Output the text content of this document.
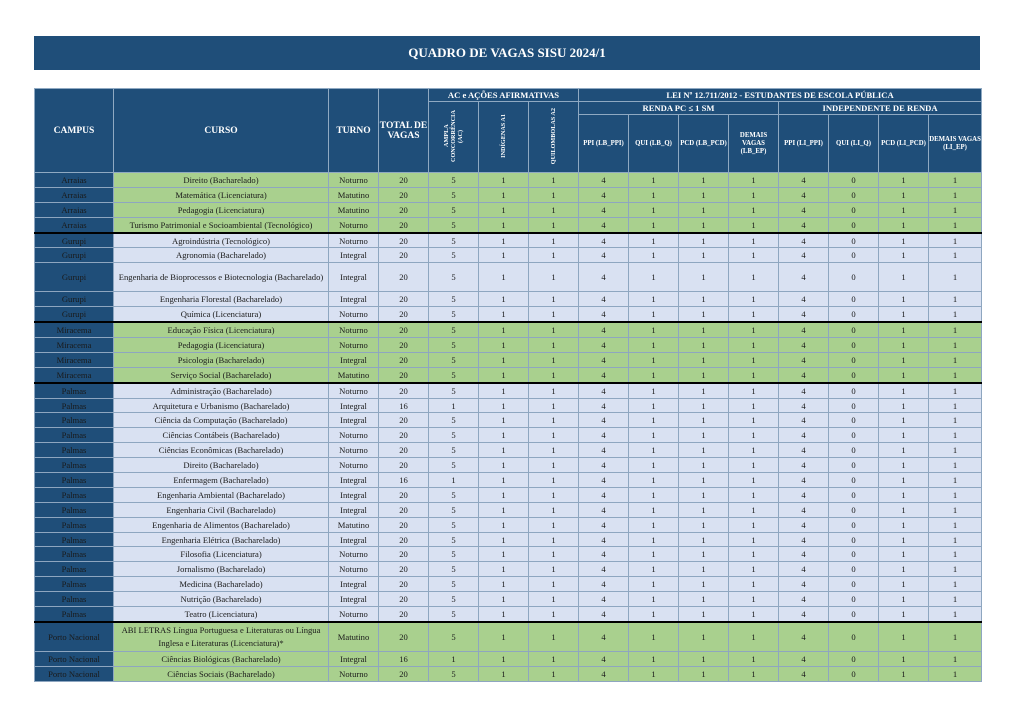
QUADRO DE VAGAS SISU 2024/1
CAMPUS	CURSO	TURNO	TOTAL DE VAGAS	AC e AÇÕES AFIRMATIVAS			LEI Nº 12.711/2012 - ESTUDANTES DE ESCOLA PÚBLICA							
				AMPLA CONCORRÊNCIA (AC)	INDÍGENAS A1	QUILOMBOLAS A2	RENDA PC ≤ 1 SM				INDEPENDENTE DE RENDA			
							PPI (LB_PPI)	QUI (LB_Q)	PCD (LB_PCD)	DEMAIS VAGAS (LB_EP)	PPI (LI_PPI)	QUI (LI_Q)	PCD (LI_PCD)	DEMAIS VAGAS (LI_EP)
Arraias	Direito (Bacharelado)	Noturno	20	5	1	1	4	1	1	1	4	0	1	1
Arraias	Matemática (Licenciatura)	Matutino	20	5	1	1	4	1	1	1	4	0	1	1
Arraias	Pedagogia (Licenciatura)	Matutino	20	5	1	1	4	1	1	1	4	0	1	1
Arraias	Turismo Patrimonial e Socioambiental (Tecnológico)	Noturno	20	5	1	1	4	1	1	1	4	0	1	1
Gurupi	Agroindústria (Tecnológico)	Noturno	20	5	1	1	4	1	1	1	4	0	1	1
Gurupi	Agronomia (Bacharelado)	Integral	20	5	1	1	4	1	1	1	4	0	1	1
Gurupi	Engenharia de Bioprocessos e Biotecnologia (Bacharelado)	Integral	20	5	1	1	4	1	1	1	4	0	1	1
Gurupi	Engenharia Florestal (Bacharelado)	Integral	20	5	1	1	4	1	1	1	4	0	1	1
Gurupi	Química (Licenciatura)	Noturno	20	5	1	1	4	1	1	1	4	0	1	1
Miracema	Educação Física (Licenciatura)	Noturno	20	5	1	1	4	1	1	1	4	0	1	1
Miracema	Pedagogia (Licenciatura)	Noturno	20	5	1	1	4	1	1	1	4	0	1	1
Miracema	Psicologia (Bacharelado)	Integral	20	5	1	1	4	1	1	1	4	0	1	1
Miracema	Serviço Social (Bacharelado)	Matutino	20	5	1	1	4	1	1	1	4	0	1	1
Palmas	Administração (Bacharelado)	Noturno	20	5	1	1	4	1	1	1	4	0	1	1
Palmas	Arquitetura e Urbanismo (Bacharelado)	Integral	16	1	1	1	4	1	1	1	4	0	1	1
Palmas	Ciência da Computação (Bacharelado)	Integral	20	5	1	1	4	1	1	1	4	0	1	1
Palmas	Ciências Contábeis (Bacharelado)	Noturno	20	5	1	1	4	1	1	1	4	0	1	1
Palmas	Ciências Econômicas (Bacharelado)	Noturno	20	5	1	1	4	1	1	1	4	0	1	1
Palmas	Direito (Bacharelado)	Noturno	20	5	1	1	4	1	1	1	4	0	1	1
Palmas	Enfermagem (Bacharelado)	Integral	16	1	1	1	4	1	1	1	4	0	1	1
Palmas	Engenharia Ambiental (Bacharelado)	Integral	20	5	1	1	4	1	1	1	4	0	1	1
Palmas	Engenharia Civil (Bacharelado)	Integral	20	5	1	1	4	1	1	1	4	0	1	1
Palmas	Engenharia de Alimentos (Bacharelado)	Matutino	20	5	1	1	4	1	1	1	4	0	1	1
Palmas	Engenharia Elétrica (Bacharelado)	Integral	20	5	1	1	4	1	1	1	4	0	1	1
Palmas	Filosofia (Licenciatura)	Noturno	20	5	1	1	4	1	1	1	4	0	1	1
Palmas	Jornalismo (Bacharelado)	Noturno	20	5	1	1	4	1	1	1	4	0	1	1
Palmas	Medicina (Bacharelado)	Integral	20	5	1	1	4	1	1	1	4	0	1	1
Palmas	Nutrição (Bacharelado)	Integral	20	5	1	1	4	1	1	1	4	0	1	1
Palmas	Teatro (Licenciatura)	Noturno	20	5	1	1	4	1	1	1	4	0	1	1
Porto Nacional	ABI LETRAS Língua Portuguesa e Literaturas ou Língua Inglesa e Literaturas (Licenciatura)*	Matutino	20	5	1	1	4	1	1	1	4	0	1	1
Porto Nacional	Ciências Biológicas (Bacharelado)	Integral	16	1	1	1	4	1	1	1	4	0	1	1
Porto Nacional	Ciências Sociais (Bacharelado)	Noturno	20	5	1	1	4	1	1	1	4	0	1	1
